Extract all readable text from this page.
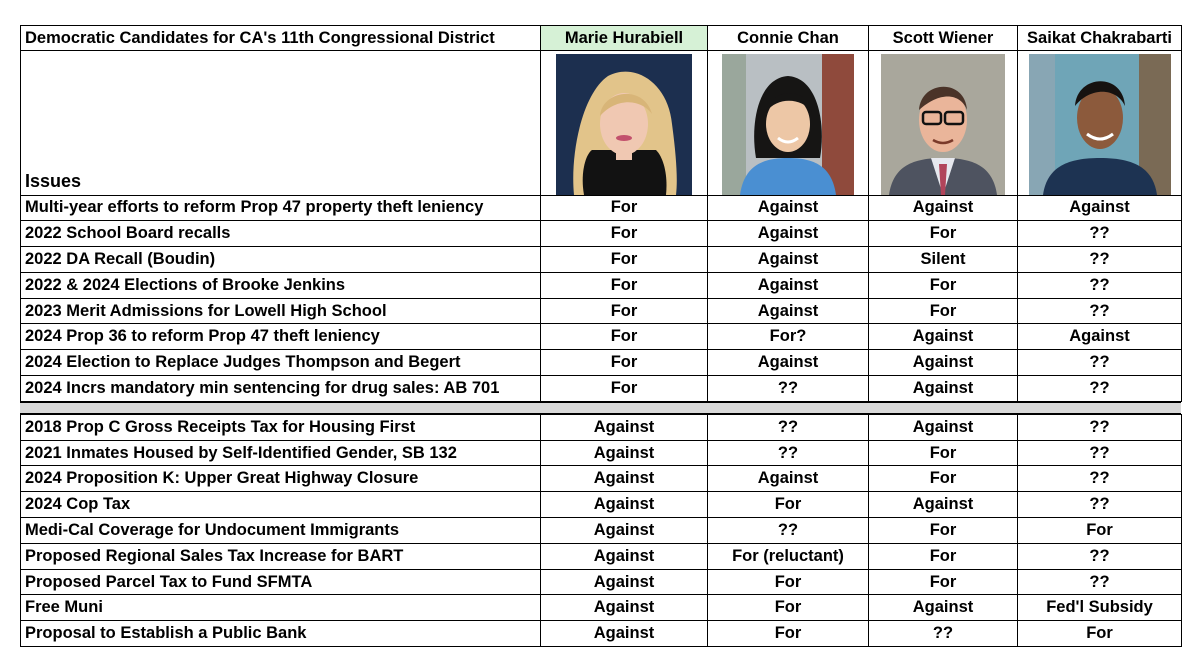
Democratic Candidates for CA's 11th Congressional District	Marie Hurabiell	Connie Chan	Scott Wiener	Saikat Chakrabarti
Issues	

Multi-year efforts to reform Prop 47 property theft leniency	For	Against	Against	Against
2022 School Board recalls	For	Against	For	??
2022 DA Recall (Boudin)	For	Against	Silent	??
2022 & 2024 Elections of Brooke Jenkins	For	Against	For	??
2023 Merit Admissions for Lowell High School	For	Against	For	??
2024 Prop 36 to reform Prop 47 theft leniency	For	For?	Against	Against
2024 Election to Replace Judges Thompson and Begert	For	Against	Against	??
2024 Incrs mandatory min sentencing for drug sales: AB 701	For	??	Against	??
2018 Prop C Gross Receipts Tax for Housing First	Against	??	Against	??
2021 Inmates Housed by Self-Identified Gender, SB 132	Against	??	For	??
2024 Proposition K: Upper Great Highway Closure	Against	Against	For	??
2024 Cop Tax	Against	For	Against	??
Medi-Cal Coverage for Undocument Immigrants	Against	??	For	For
Proposed Regional Sales Tax Increase for BART	Against	For (reluctant)	For	??
Proposed Parcel Tax to Fund SFMTA	Against	For	For	??
Free Muni	Against	For	Against	Fed'l Subsidy
Proposal to Establish a Public Bank	Against	For	??	For
